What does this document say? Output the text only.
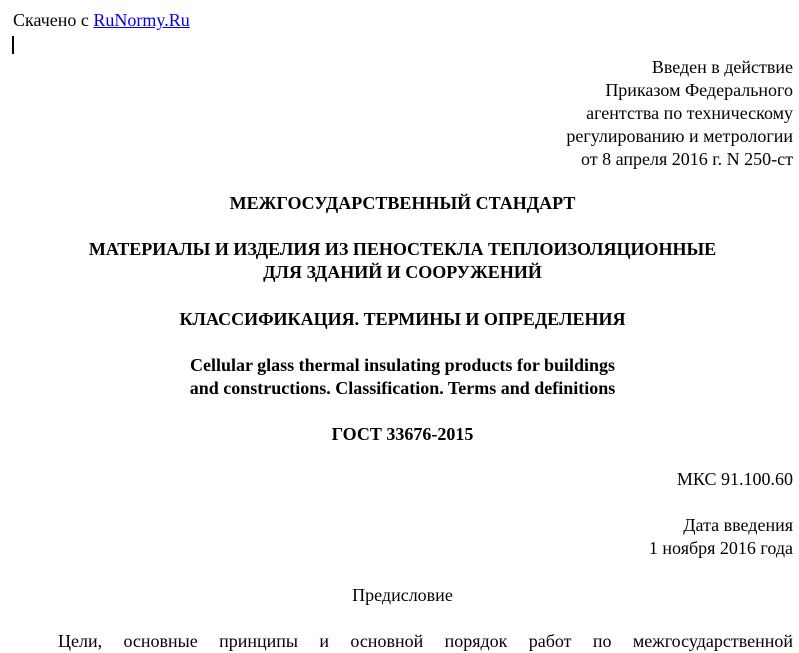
Скачено с RuNormy.Ru
Введен в действие
Приказом Федерального
агентства по техническому
регулированию и метрологии
от 8 апреля 2016 г. N 250-ст
МЕЖГОСУДАРСТВЕННЫЙ СТАНДАРТ
МАТЕРИАЛЫ И ИЗДЕЛИЯ ИЗ ПЕНОСТЕКЛА ТЕПЛОИЗОЛЯЦИОННЫЕ
ДЛЯ ЗДАНИЙ И СООРУЖЕНИЙ
КЛАССИФИКАЦИЯ. ТЕРМИНЫ И ОПРЕДЕЛЕНИЯ
Cellular glass thermal insulating products for buildings
and constructions. Classification. Terms and definitions
ГОСТ 33676-2015
МКС 91.100.60
Дата введения
1 ноября 2016 года
Предисловие
Цели, основные принципы и основной порядок работ по межгосударственной
